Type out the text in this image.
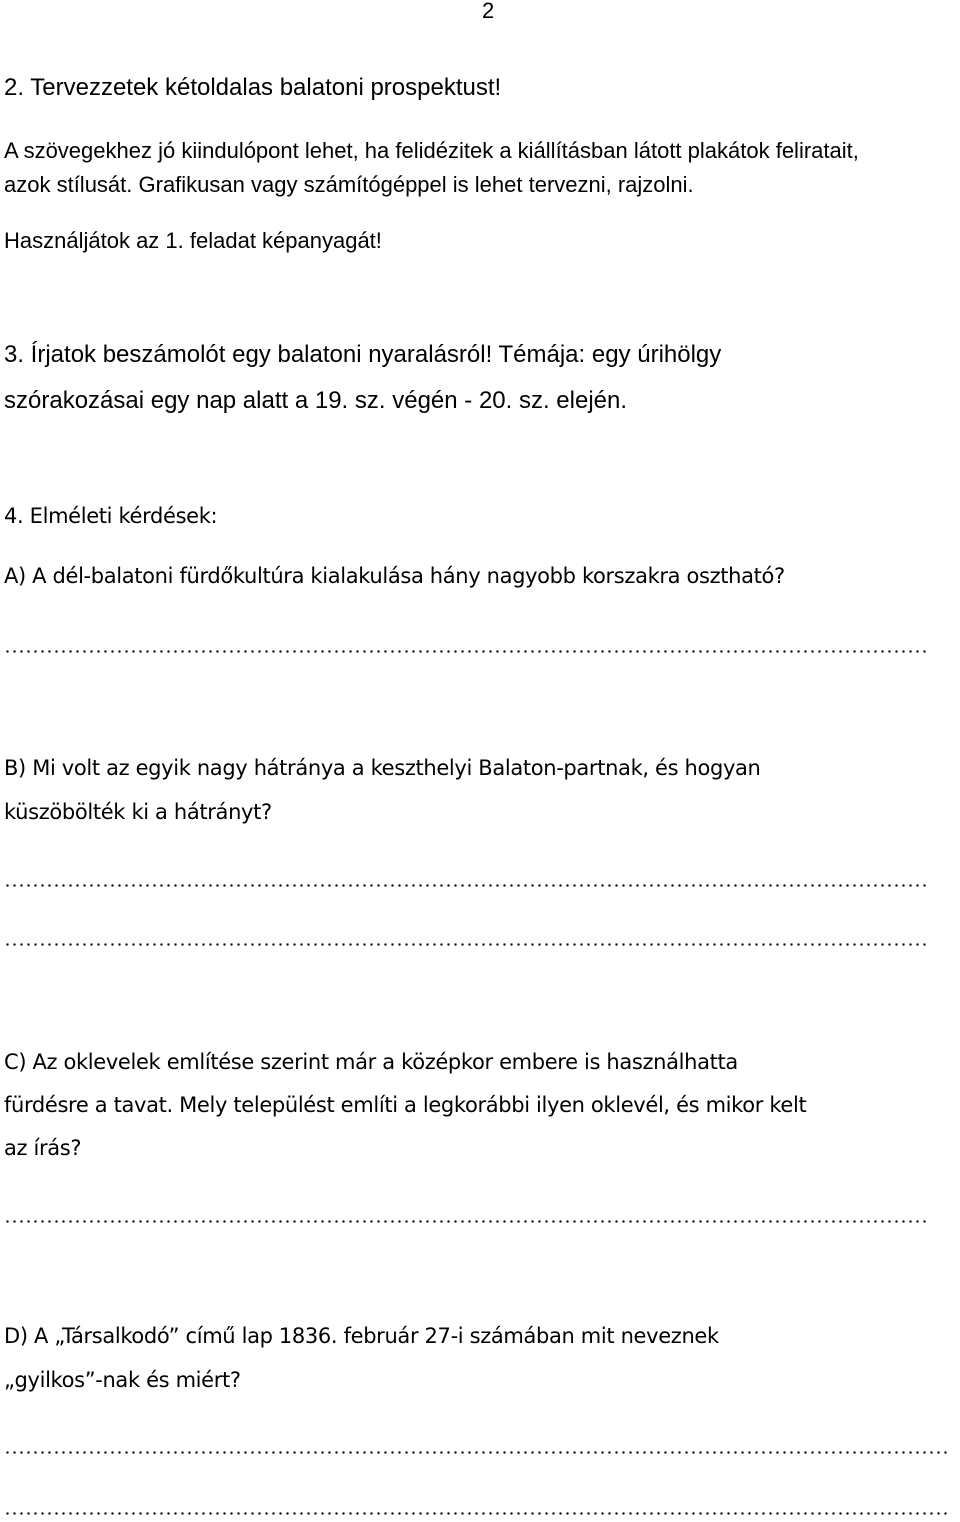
2
2. Tervezzetek kétoldalas balatoni prospektust!
A szövegekhez jó kiindulópont lehet, ha felidézitek a kiállításban látott plakátok feliratait,
azok stílusát. Grafikusan vagy számítógéppel is lehet tervezni, rajzolni.
Használjátok az 1. feladat képanyagát!
3. Írjatok beszámolót egy balatoni nyaralásról! Témája: egy úrihölgy
szórakozásai egy nap alatt a 19. sz. végén - 20. sz. elején.
4. Elméleti kérdések:
A) A dél-balatoni fürdőkultúra kialakulása hány nagyobb korszakra osztható?
B) Mi volt az egyik nagy hátránya a keszthelyi Balaton-partnak, és hogyan
küszöbölték ki a hátrányt?
C) Az oklevelek említése szerint már a középkor embere is használhatta
fürdésre a tavat. Mely települést említi a legkorábbi ilyen oklevél, és mikor kelt
az írás?
D) A „Társalkodó” című lap 1836. február 27-i számában mit neveznek
„gyilkos”-nak és miért?
